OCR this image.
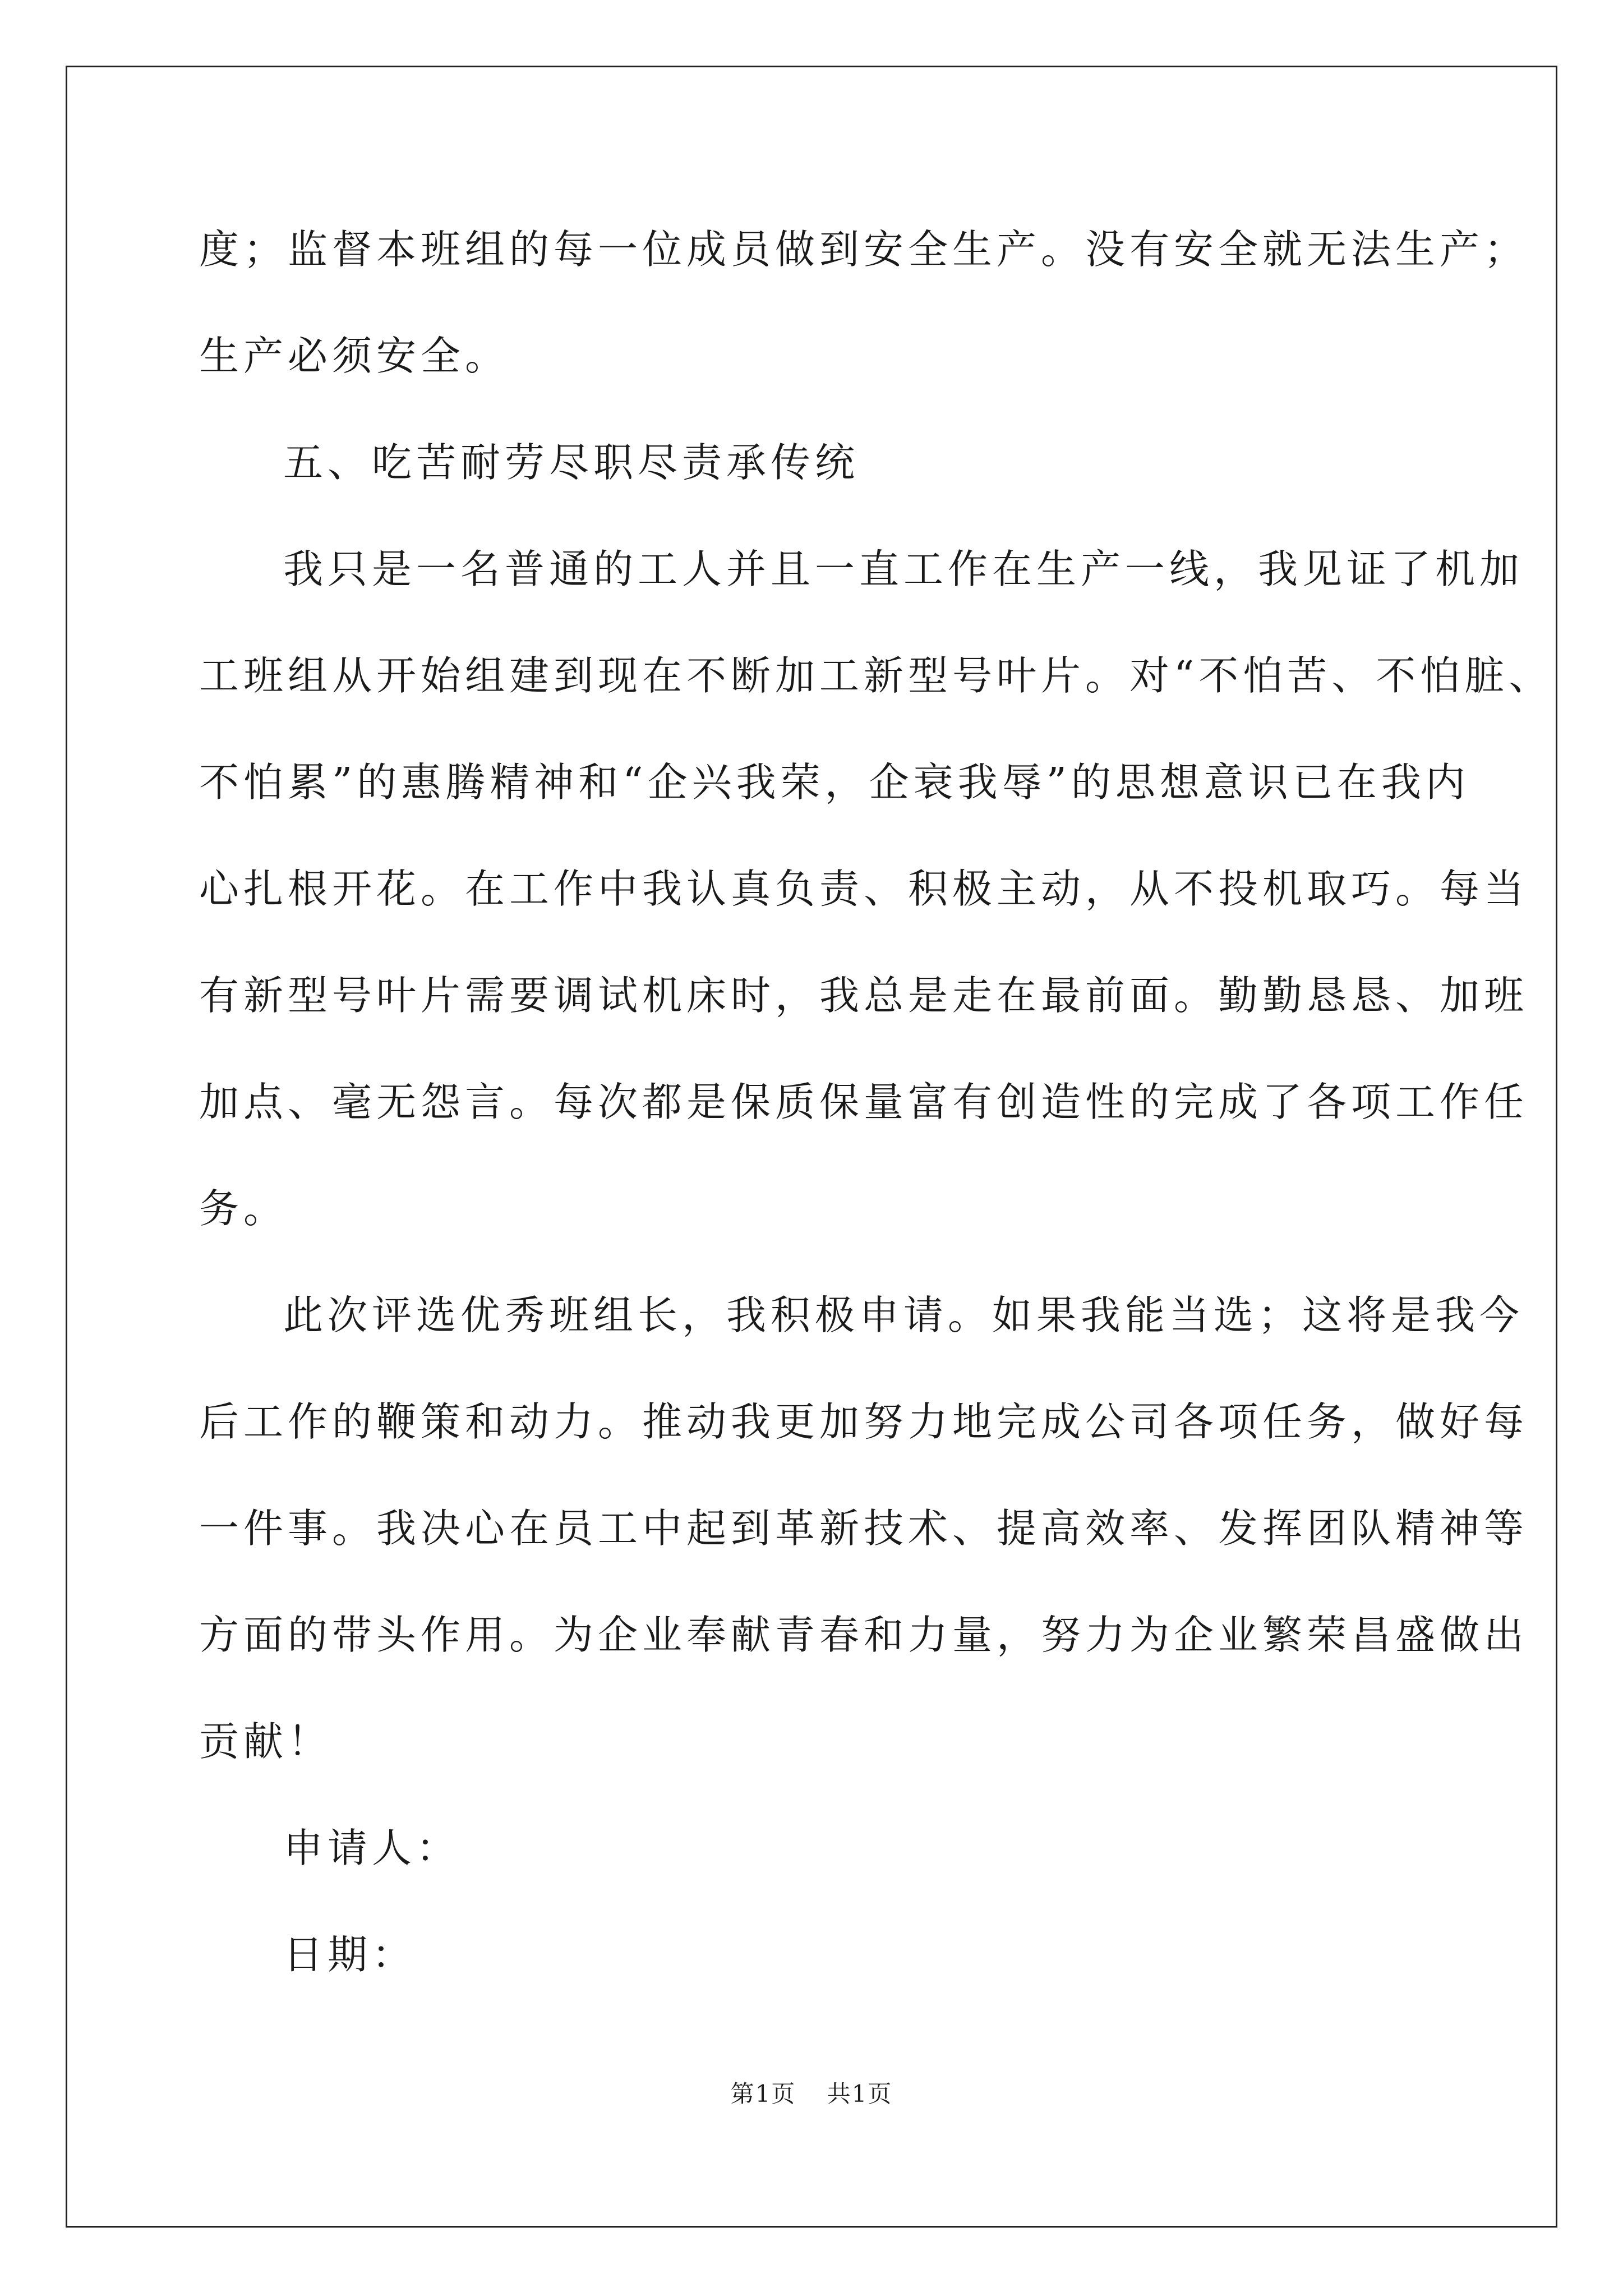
度；监督本班组的每一位成员做到安全生产。没有安全就无法生产；
生产必须安全。
五、吃苦耐劳尽职尽责承传统
我只是一名普通的工人并且一直工作在生产一线，我见证了机加
工班组从开始组建到现在不断加工新型号叶片。对“不怕苦、不怕脏、
不怕累”的惠腾精神和“企兴我荣，企衰我辱”的思想意识已在我内
心扎根开花。在工作中我认真负责、积极主动，从不投机取巧。每当
有新型号叶片需要调试机床时，我总是走在最前面。勤勤恳恳、加班
加点、毫无怨言。每次都是保质保量富有创造性的完成了各项工作任
务。
此次评选优秀班组长，我积极申请。如果我能当选；这将是我今
后工作的鞭策和动力。推动我更加努力地完成公司各项任务，做好每
一件事。我决心在员工中起到革新技术、提高效率、发挥团队精神等
方面的带头作用。为企业奉献青春和力量，努力为企业繁荣昌盛做出
贡献！
申请人：
日期：
第1页 共1页
